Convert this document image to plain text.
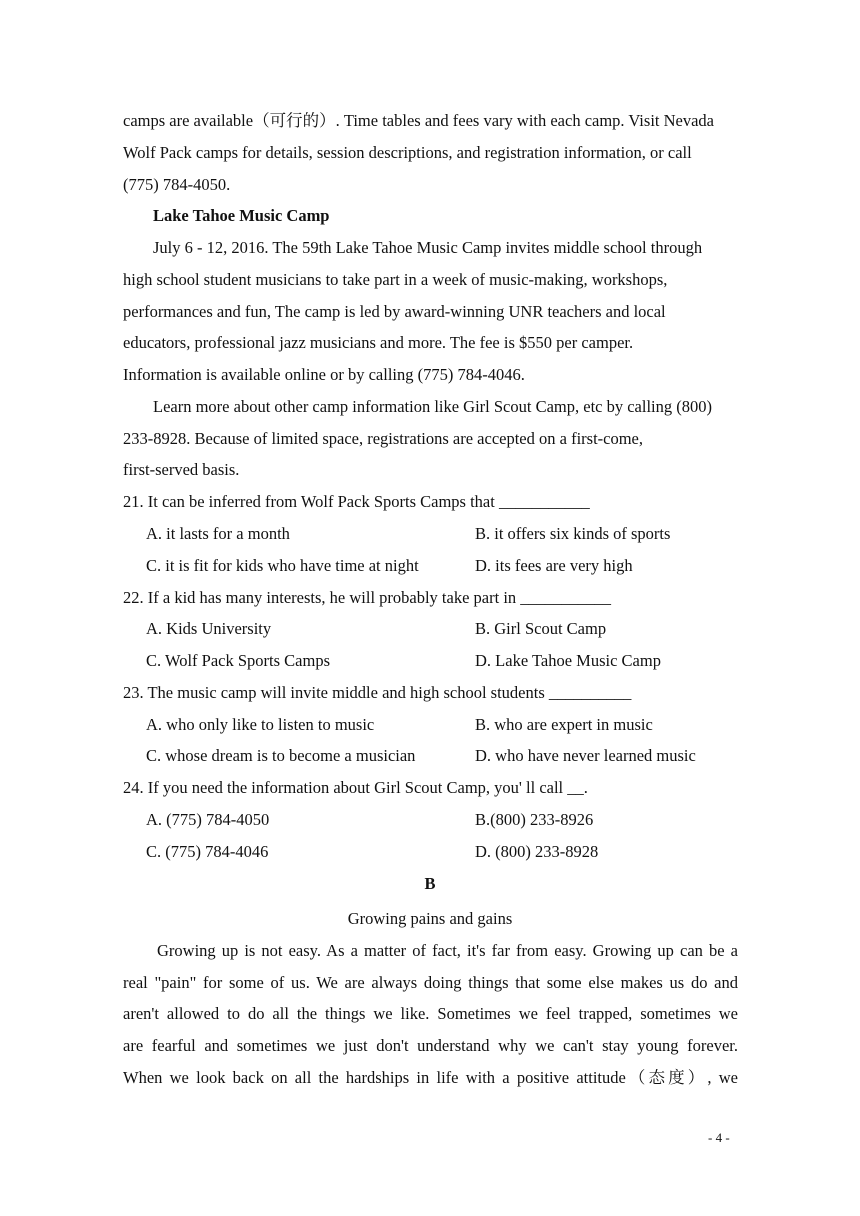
camps are available（可行的）. Time tables and fees vary with each camp. Visit Nevada
Wolf Pack camps for details, session descriptions, and registration information, or call
(775) 784-4050.
Lake Tahoe Music Camp
July 6 - 12, 2016. The 59th Lake Tahoe Music Camp invites middle school through
high school student musicians to take part in a week of music-making, workshops,
performances and fun, The camp is led by award-winning UNR teachers and local
educators, professional jazz musicians and more. The fee is $550 per camper.
Information is available online or by calling (775) 784-4046.
Learn more about other camp information like Girl Scout Camp, etc by calling (800)
233-8928. Because of limited space, registrations are accepted on a first-come,
first-served basis.
21. It can be inferred from Wolf Pack Sports Camps that ___________
A. it lasts for a month	B. it offers six kinds of sports
C. it is fit for kids who have time at night	D. its fees are very high
22. If a kid has many interests, he will probably take part in ___________
A. Kids University	B. Girl Scout Camp
C. Wolf Pack Sports Camps	D. Lake Tahoe Music Camp
23. The music camp will invite middle and high school students __________
A. who only like to listen to music	B. who are expert in music
C. whose dream is to become a musician	D. who have never learned music
24. If you need the information about Girl Scout Camp, you' ll call __.
A. (775) 784-4050	B.(800) 233-8926
C. (775) 784-4046	D. (800) 233-8928
B
Growing pains and gains
Growing up is not easy. As a matter of fact, it's far from easy. Growing up can be a
real "pain" for some of us. We are always doing things that some else makes us do and
aren't allowed to do all the things we like. Sometimes we feel trapped, sometimes we
are fearful and sometimes we just don't understand why we can't stay young forever.
When we look back on all the hardships in life with a positive attitude（态度）, we
- 4 -
